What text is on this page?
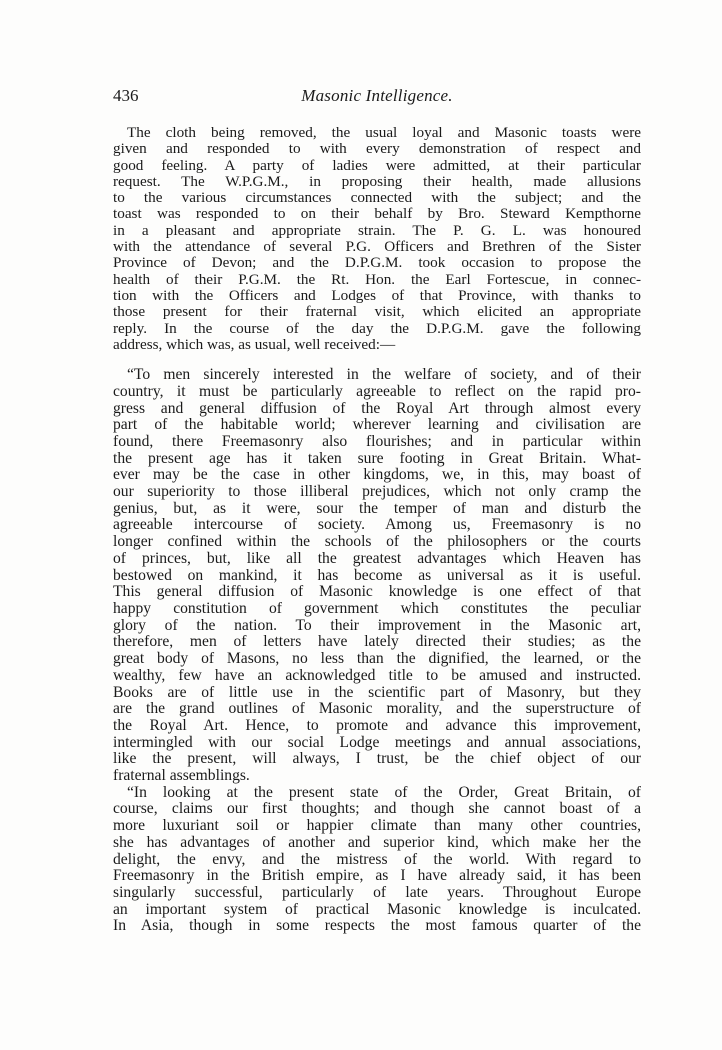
436	Masonic Intelligence.
The cloth being removed, the usual loyal and Masonic toasts were
given and responded to with every demonstration of respect and
good feeling. A party of ladies were admitted, at their particular
request. The W.P.G.M., in proposing their health, made allusions
to the various circumstances connected with the subject; and the
toast was responded to on their behalf by Bro. Steward Kempthorne
in a pleasant and appropriate strain. The P. G. L. was honoured
with the attendance of several P.G. Officers and Brethren of the Sister
Province of Devon; and the D.P.G.M. took occasion to propose the
health of their P.G.M. the Rt. Hon. the Earl Fortescue, in connec-
tion with the Officers and Lodges of that Province, with thanks to
those present for their fraternal visit, which elicited an appropriate
reply. In the course of the day the D.P.G.M. gave the following
address, which was, as usual, well received:—
“To men sincerely interested in the welfare of society, and of their
country, it must be particularly agreeable to reflect on the rapid pro-
gress and general diffusion of the Royal Art through almost every
part of the habitable world; wherever learning and civilisation are
found, there Freemasonry also flourishes; and in particular within
the present age has it taken sure footing in Great Britain. What-
ever may be the case in other kingdoms, we, in this, may boast of
our superiority to those illiberal prejudices, which not only cramp the
genius, but, as it were, sour the temper of man and disturb the
agreeable intercourse of society. Among us, Freemasonry is no
longer confined within the schools of the philosophers or the courts
of princes, but, like all the greatest advantages which Heaven has
bestowed on mankind, it has become as universal as it is useful.
This general diffusion of Masonic knowledge is one effect of that
happy constitution of government which constitutes the peculiar
glory of the nation. To their improvement in the Masonic art,
therefore, men of letters have lately directed their studies; as the
great body of Masons, no less than the dignified, the learned, or the
wealthy, few have an acknowledged title to be amused and instructed.
Books are of little use in the scientific part of Masonry, but they
are the grand outlines of Masonic morality, and the superstructure of
the Royal Art. Hence, to promote and advance this improvement,
intermingled with our social Lodge meetings and annual associations,
like the present, will always, I trust, be the chief object of our
fraternal assemblings.
“In looking at the present state of the Order, Great Britain, of
course, claims our first thoughts; and though she cannot boast of a
more luxuriant soil or happier climate than many other countries,
she has advantages of another and superior kind, which make her the
delight, the envy, and the mistress of the world. With regard to
Freemasonry in the British empire, as I have already said, it has been
singularly successful, particularly of late years. Throughout Europe
an important system of practical Masonic knowledge is inculcated.
In Asia, though in some respects the most famous quarter of the
